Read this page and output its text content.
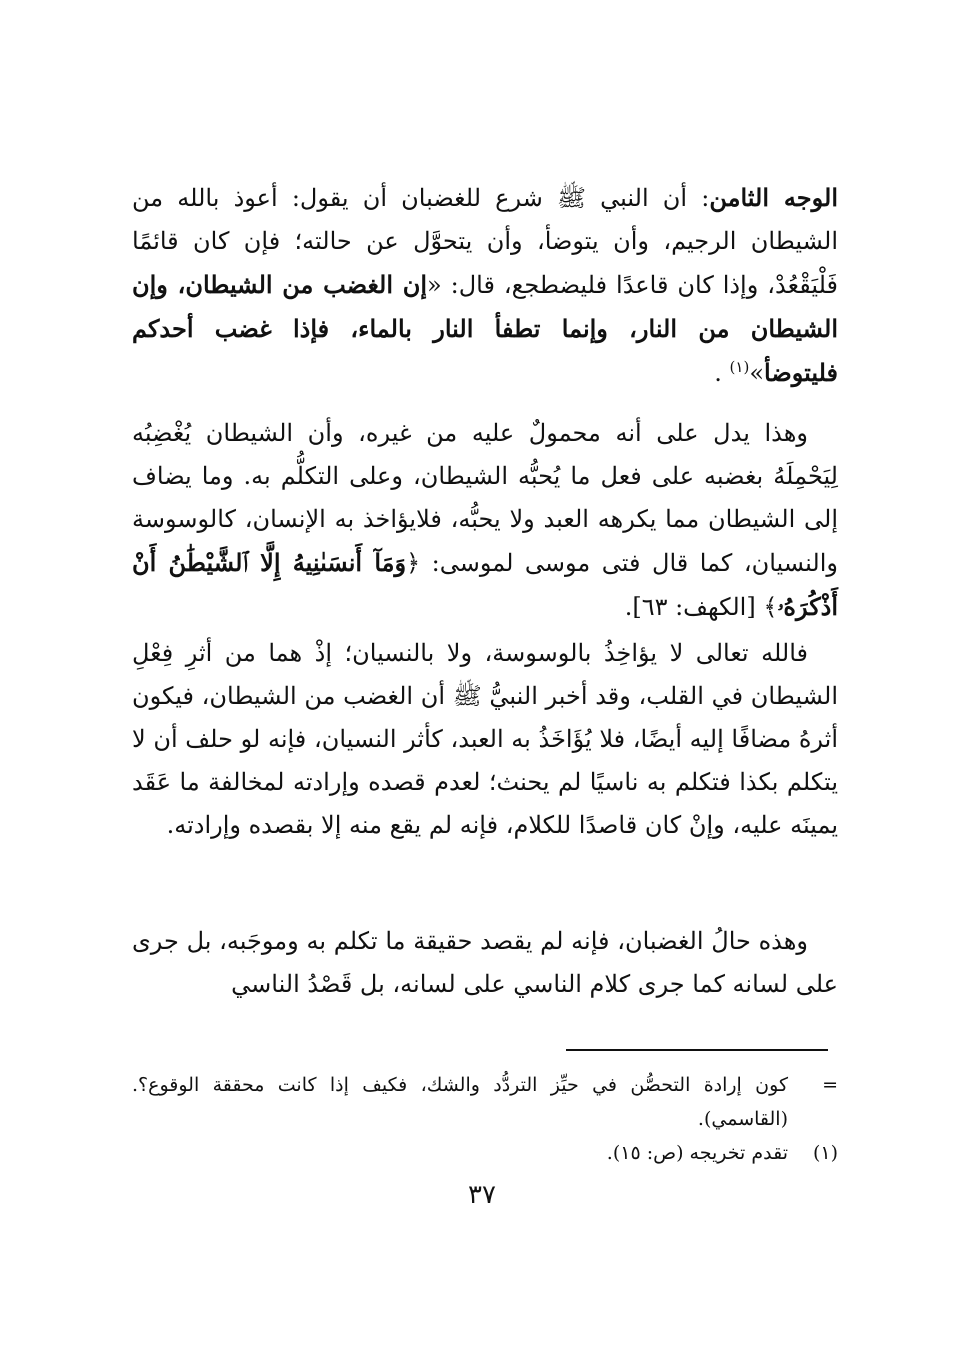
الوجه الثامن: أن النبي ﷺ شرع للغضبان أن يقول: أعوذ بالله من الشيطان الرجيم، وأن يتوضأ، وأن يتحوَّل عن حالته؛ فإن كان قائمًا فَلْيَقْعُدْ، وإذا كان قاعدًا فليضطجع، قال: «إن الغضب من الشيطان، وإن الشيطان من النار، وإنما تطفأ النار بالماء، فإذا غضب أحدكم فليتوضأ»$^{(١)}$ .

وهذا يدل على أنه محمولٌ عليه من غيره، وأن الشيطان يُغْضِبُه لِيَحْمِلَهُ بغضبه على فعل ما يُحبُّه الشيطان، وعلى التكلُّم به. وما يضاف إلى الشيطان مما يكرهه العبد ولا يحبُّه، فلايؤاخذ به الإنسان، كالوسوسة والنسيان، كما قال فتى موسى لموسى: ﴿وَمَآ أَنسَىٰنِيهُ إِلَّا ٱلشَّيْطَٰنُ أَنْ أَذْكُرَهُۥ﴾ [الكهف: ٦٣].

فالله تعالى لا يؤاخِذُ بالوسوسة، ولا بالنسيان؛ إذْ هما من أثرِ فِعْلِ الشيطان في القلب، وقد أخبر النبيُّ ﷺ أن الغضب من الشيطان، فيكون أثرهُ مضافًا إليه أيضًا، فلا يُؤَاخَذُ به العبد، كأثر النسيان، فإنه لو حلف أن لا يتكلم بكذا فتكلم به ناسيًا لم يحنث؛ لعدم قصده وإرادته لمخالفة ما عَقَد يمينَه عليه، وإنْ كان قاصدًا للكلام، فإنه لم يقع منه إلا بقصده وإرادته.

وهذه حالُ الغضبان، فإنه لم يقصد حقيقة ما تكلم به وموجَبه، بل جرى على لسانه كما جرى كلام الناسي على لسانه، بل قَصْدُ الناسي

=
كون إرادة التحصُّن في حيِّز التردُّد والشك، فكيف إذا كانت محققة الوقوع؟. (القاسمي).
(١)
تقدم تخريجه (ص: ١٥).
٣٧
